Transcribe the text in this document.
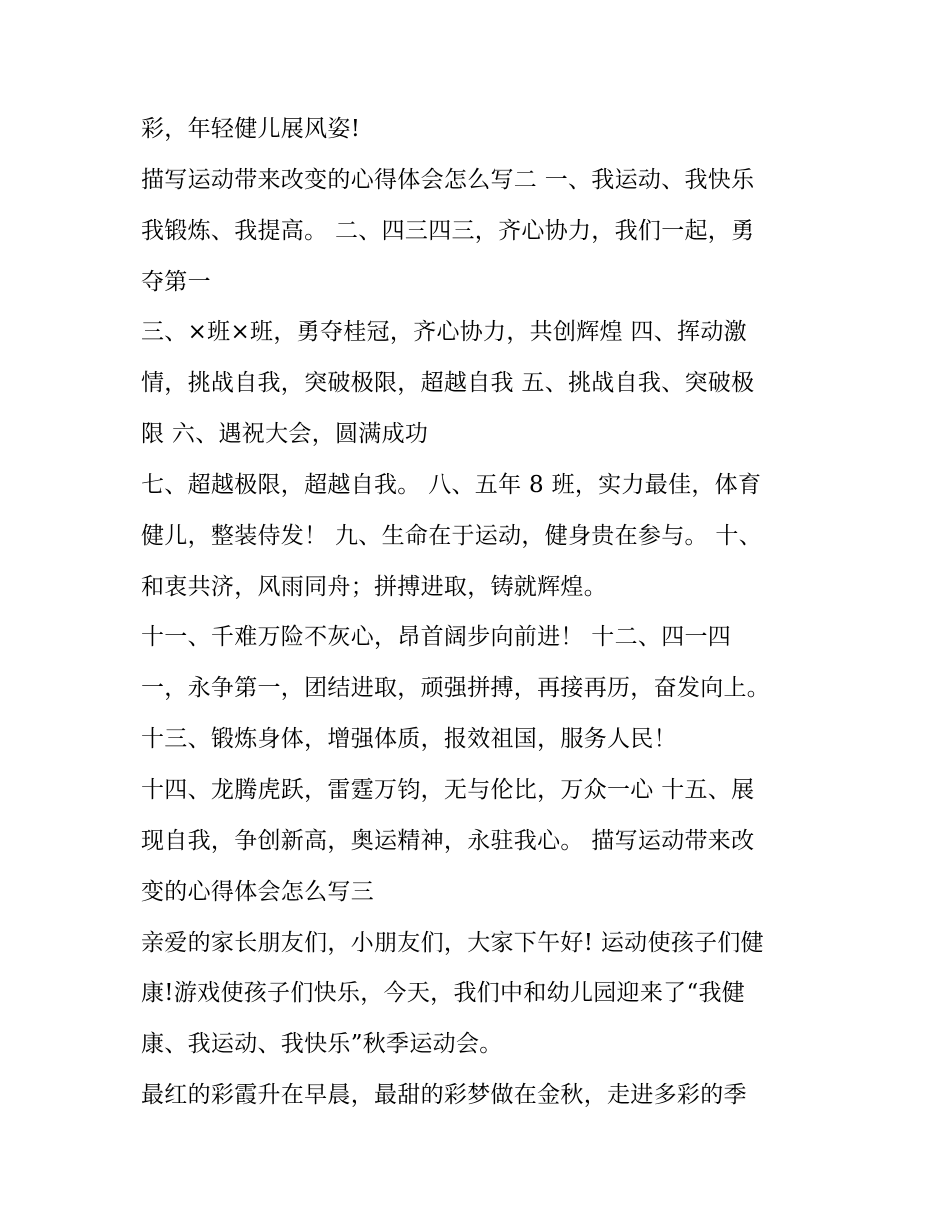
彩，年轻健儿展风姿!
描写运动带来改变的心得体会怎么写二 一、我运动、我快乐
我锻炼、我提高。 二、四三四三，齐心协力，我们一起，勇
夺第一
三、×班×班，勇夺桂冠，齐心协力，共创辉煌 四、挥动激
情，挑战自我，突破极限，超越自我 五、挑战自我、突破极
限 六、遇祝大会，圆满成功
七、超越极限，超越自我。 八、五年 8 班，实力最佳，体育
健儿，整装侍发！ 九、生命在于运动，健身贵在参与。 十、
和衷共济，风雨同舟；拼搏进取，铸就辉煌。
十一、千难万险不灰心，昂首阔步向前进！ 十二、四一四
一，永争第一，团结进取，顽强拼搏，再接再历，奋发向上。
十三、锻炼身体，增强体质，报效祖国，服务人民！
十四、龙腾虎跃，雷霆万钧，无与伦比，万众一心 十五、展
现自我，争创新高，奥运精神，永驻我心。 描写运动带来改
变的心得体会怎么写三
亲爱的家长朋友们，小朋友们，大家下午好! 运动使孩子们健
康!游戏使孩子们快乐，今天，我们中和幼儿园迎来了“我健
康、我运动、我快乐”秋季运动会。
最红的彩霞升在早晨，最甜的彩梦做在金秋，走进多彩的季
